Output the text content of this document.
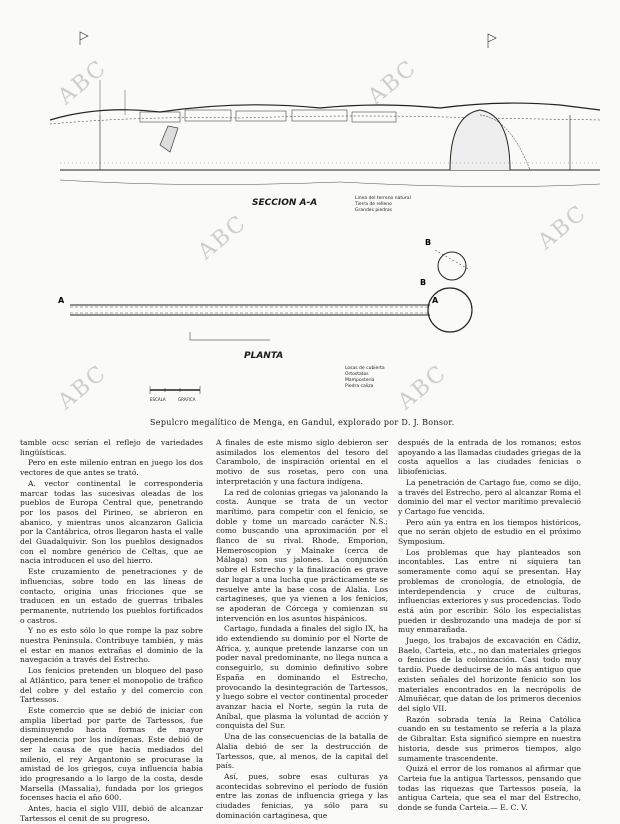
A	A
B
B
SECCION A-A
PLANTA
Linea del terreno natural
Tierra de relleno
Grandes piedras
Losas de cubierta
Ortostatos
Mampostería
Piedra caliza
ESCALA	GRAFICA
Sepulcro megalítico de Menga, en Gandul, explorado por D. J. Bonsor.
ABC
ABC
ABC
ABC
ABC	ABC

tamble ocsc serían el reflejo de variedades lingüísticas.

Pero en este milenio entran en juego los dos vectores de que antes se trató.

A. vector continental le corresponderia marcar todas las sucesivas oleadas de los pueblos de Europa Central que, penetrando por los pasos del Pirineo, se abrieron en abanico, y mientras unos alcanzaron Galicia por la Cantábrica, otros llegaron hasta el valle del Guadalquivir. Son los pueblos designados con el nombre genérico de Celtas, que ae nacia introducen el uso del hierro.

Este cruzamiento de penetraciones y de influencias, sobre todo en las líneas de contacto, origina unas fricciones que se traducen en un estado de guerras tribales permanente, nutriendo los pueblos fortificados o castros.

Y no es esto sólo lo que rompe la paz sobre nuestra Peninsula. Contribuye también, y más el estar en manos extrañas el dominio de la navegación a través del Estrecho.

Los fenicios pretenden un bloqueo del paso al Atlántico, para tener el monopolio de tráfico del cobre y del estaño y del comercio con Tartessos.

Este comercio que se debió de iniciar con amplia libertad por parte de Tartessos, fue disminuyendo hacia formas de mayor dependencia por los indígenas. Este debió de ser la causa de que hacia mediados del milenio, el rey Argantonio se procurase la amistad de los griegos, cuya influencia había ido progresando a lo largo de la costa, desde Marsella (Massalia), fundada por los griegos focenses hacia el año 600.

Antes, hacia el siglo VIII, debió de alcanzar Tartessos el cenit de su progreso.

A finales de este mismo siglo debieron ser asimilados los elementos del tesoro del Carambolo, de inspiración oriental en el motivo de sus rosetas, pero con una interpretación y una factura indígena.

La red de colonias griegas va jalonando la costa. Aunque se trata de un vector marítimo, para competir con el fenicio, se doble y tome un marcado carácter N.S.; como buscando una aproximación por el flanco de su rival. Rhode, Emporion, Hemeroscopion y Mainake (cerca de Málaga) son sus jalones. La conjunción sobre el Estrecho y la finalización es grave dar lugar a una lucha que prácticamente se resuelve ante la base cosa de Alalia. Los cartagineses, que ya vienen a los fenicios, se apoderan de Córcega y comienzan su intervención en los asuntos hispánicos.

Cartago, fundada a finales del siglo IX, ha ido extendiendo su dominio por el Norte de Africa, y, aunque pretende lanzarse con un poder naval predominante, no llega nunca a conseguirlo, su dominio definitivo sobre España en dominando el Estrecho, provocando la desintegración de Tartessos, y luego sobre el vector continental proceder avanzar hacia el Norte, según la ruta de Aníbal, que plasma la voluntad de acción y conquista del Sur.

Una de las consecuencias de la batalla de Alalia debió de ser la destrucción de Tartessos, que, al menos, de la capital del país.

Así, pues, sobre esas culturas ya acontecidas sobrevino el período de fusión entre las zonas de influencia griega y las ciudades fenicias, ya sólo para su dominación cartaginesa, que

después de la entrada de los romanos; estos apoyando a las llamadas ciudades griegas de la costa aquellos a las ciudades fenicias o libiofenicias.

La penetración de Cartago fue, como se dijo, a través del Estrecho, pero al alcanzar Roma el dominio del mar el vector marítimo prevaleció y Cartago fue vencida.

Pero aún ya entra en los tiempos históricos, que no serán objeto de estudio en el próximo Symposium.

Los problemas que hay planteados son incontables. Las entre ni siquiera tan someramente como aquí se presentan. Hay problemas de cronología, de etnología, de interdependencia y cruce de culturas, influencias exteriores y sus procedencias. Todo está aún por escribir. Sólo los especialistas pueden ir desbrozando una madeja de por sí muy enmarañada.

Juego, los trabajos de excavación en Cádiz, Baelo, Carteia, etc., no dan materiales griegos o fenicios de la colonización. Casi todo muy tardío. Puede deducirse de lo más antiguo que existen señales del horizonte fenicio son los materiales encontrados en la necrópolis de Almuñécar, que datan de los primeros decenios del siglo VII.

Razón sobrada tenía la Reina Católica cuando en su testamento se refería a la plaza de Gibraltar. Esta significó siempre en nuestra historia, desde sus primeros tiempos, algo sumamente trascendente.

Quizá el error de los romanos al afirmar que Carteia fue la antigua Tartessos, pensando que todas las riquezas que Tartessos poseía, la antigua Carteia, que sea el mar del Estrecho, donde se funda Carteia.— E. C. V.
